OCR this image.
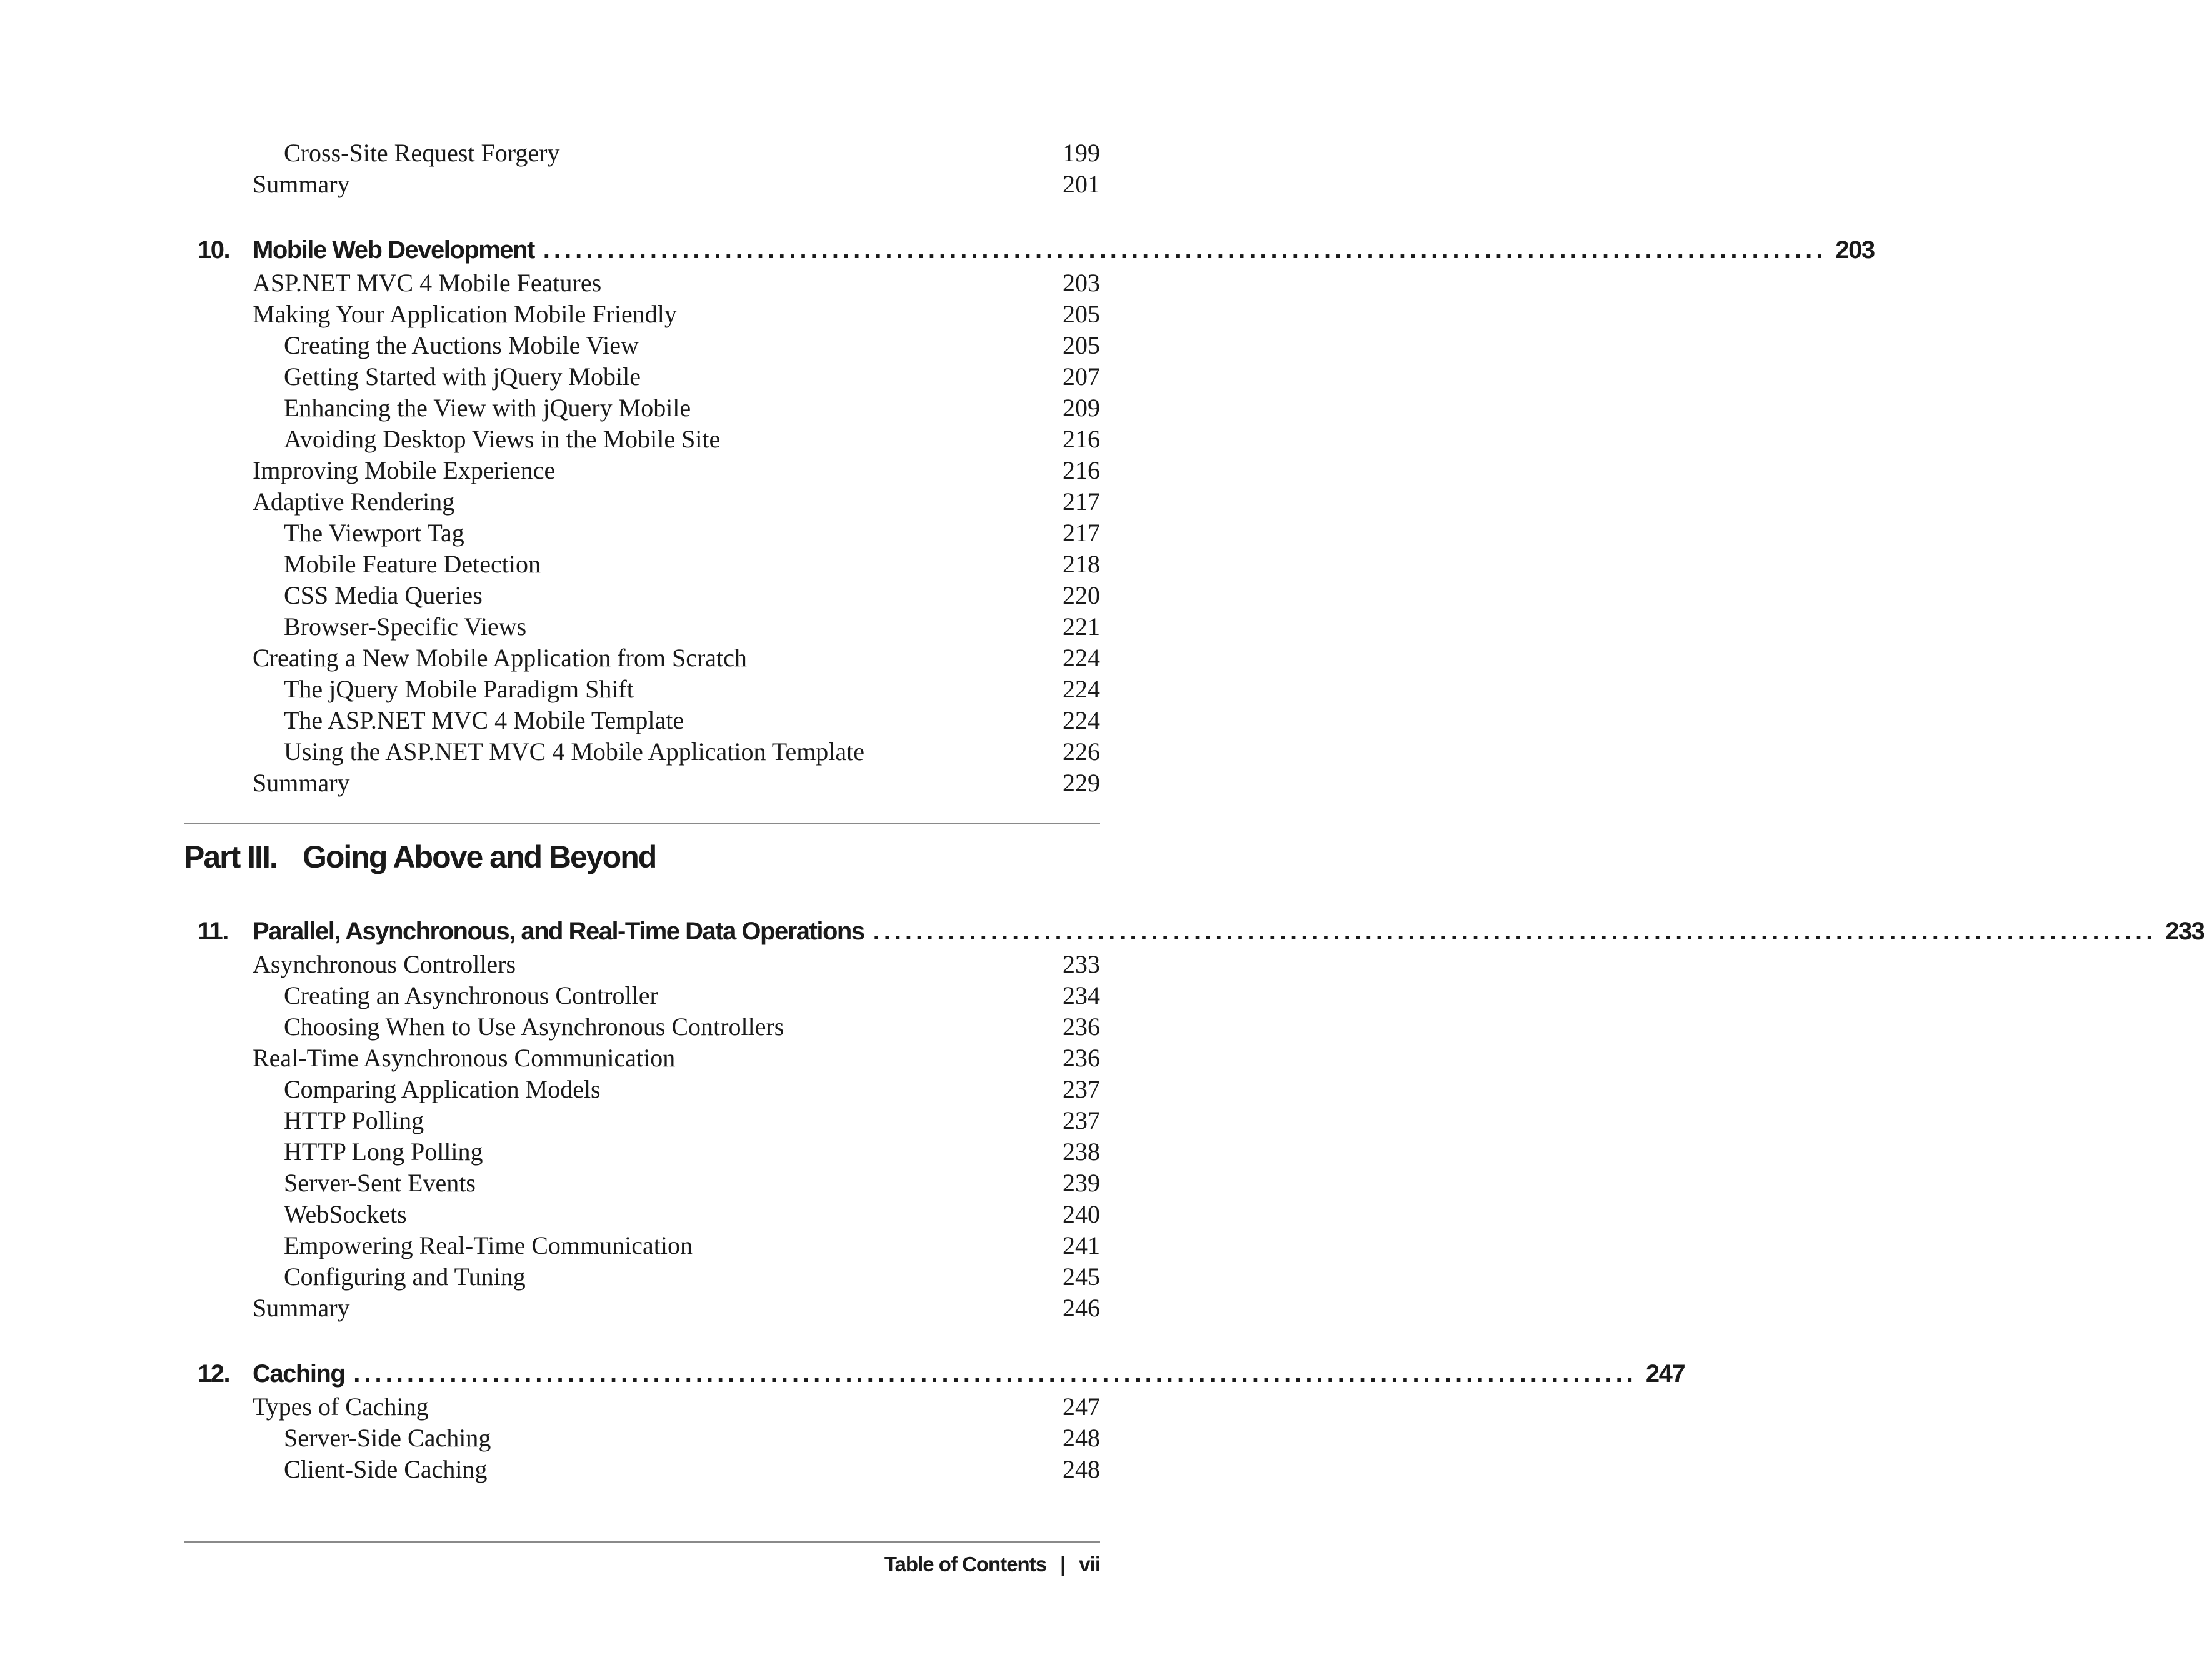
Cross-Site Request Forgery	199
Summary	201
10. Mobile Web Development ........................................................................................................................ 203
ASP.NET MVC 4 Mobile Features	203
Making Your Application Mobile Friendly	205
Creating the Auctions Mobile View	205
Getting Started with jQuery Mobile	207
Enhancing the View with jQuery Mobile	209
Avoiding Desktop Views in the Mobile Site	216
Improving Mobile Experience	216
Adaptive Rendering	217
The Viewport Tag	217
Mobile Feature Detection	218
CSS Media Queries	220
Browser-Specific Views	221
Creating a New Mobile Application from Scratch	224
The jQuery Mobile Paradigm Shift	224
The ASP.NET MVC 4 Mobile Template	224
Using the ASP.NET MVC 4 Mobile Application Template	226
Summary	229
Part III. Going Above and Beyond
11. Parallel, Asynchronous, and Real-Time Data Operations ........................................................................................................................ 233
Asynchronous Controllers	233
Creating an Asynchronous Controller	234
Choosing When to Use Asynchronous Controllers	236
Real-Time Asynchronous Communication	236
Comparing Application Models	237
HTTP Polling	237
HTTP Long Polling	238
Server-Sent Events	239
WebSockets	240
Empowering Real-Time Communication	241
Configuring and Tuning	245
Summary	246
12. Caching ........................................................................................................................ 247
Types of Caching	247
Server-Side Caching	248
Client-Side Caching	248
Table of Contents | vii
